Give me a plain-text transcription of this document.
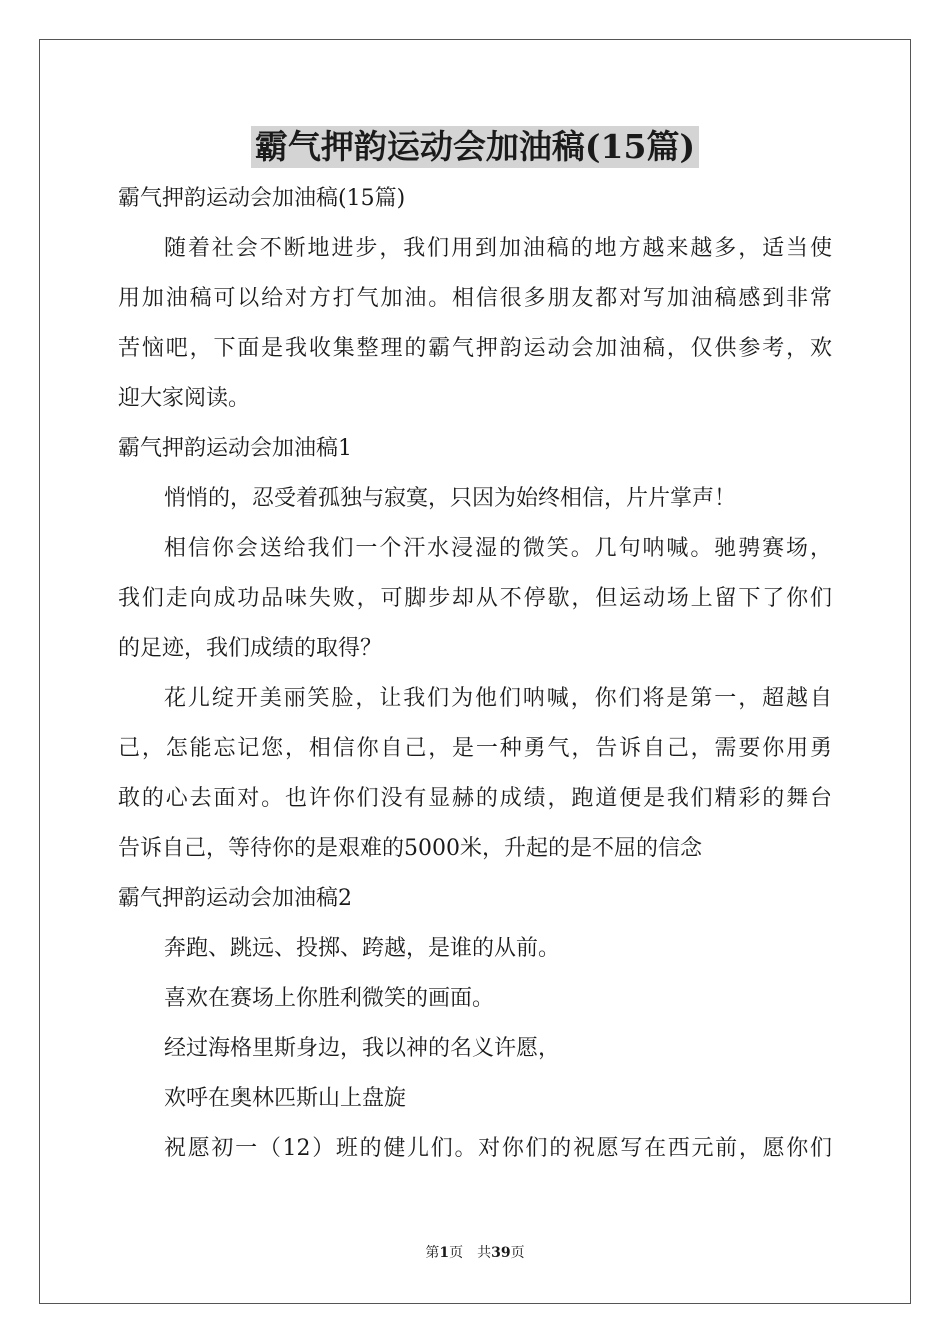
霸气押韵运动会加油稿(15篇)
霸气押韵运动会加油稿(15篇)
随着社会不断地进步，我们用到加油稿的地方越来越多，适当使
用加油稿可以给对方打气加油。相信很多朋友都对写加油稿感到非常
苦恼吧，下面是我收集整理的霸气押韵运动会加油稿，仅供参考，欢
迎大家阅读。
霸气押韵运动会加油稿1
悄悄的，忍受着孤独与寂寞，只因为始终相信，片片掌声！
相信你会送给我们一个汗水浸湿的微笑。几句呐喊。驰骋赛场，
我们走向成功品味失败，可脚步却从不停歇，但运动场上留下了你们
的足迹，我们成绩的取得？
花儿绽开美丽笑脸，让我们为他们呐喊，你们将是第一，超越自
己，怎能忘记您，相信你自己，是一种勇气，告诉自己，需要你用勇
敢的心去面对。也许你们没有显赫的成绩，跑道便是我们精彩的舞台
告诉自己，等待你的是艰难的5000米，升起的是不屈的信念
霸气押韵运动会加油稿2
奔跑、跳远、投掷、跨越，是谁的从前。
喜欢在赛场上你胜利微笑的画面。
经过海格里斯身边，我以神的名义许愿，
欢呼在奥林匹斯山上盘旋
祝愿初一（12）班的健儿们。对你们的祝愿写在西元前，愿你们
第1页　共39页
